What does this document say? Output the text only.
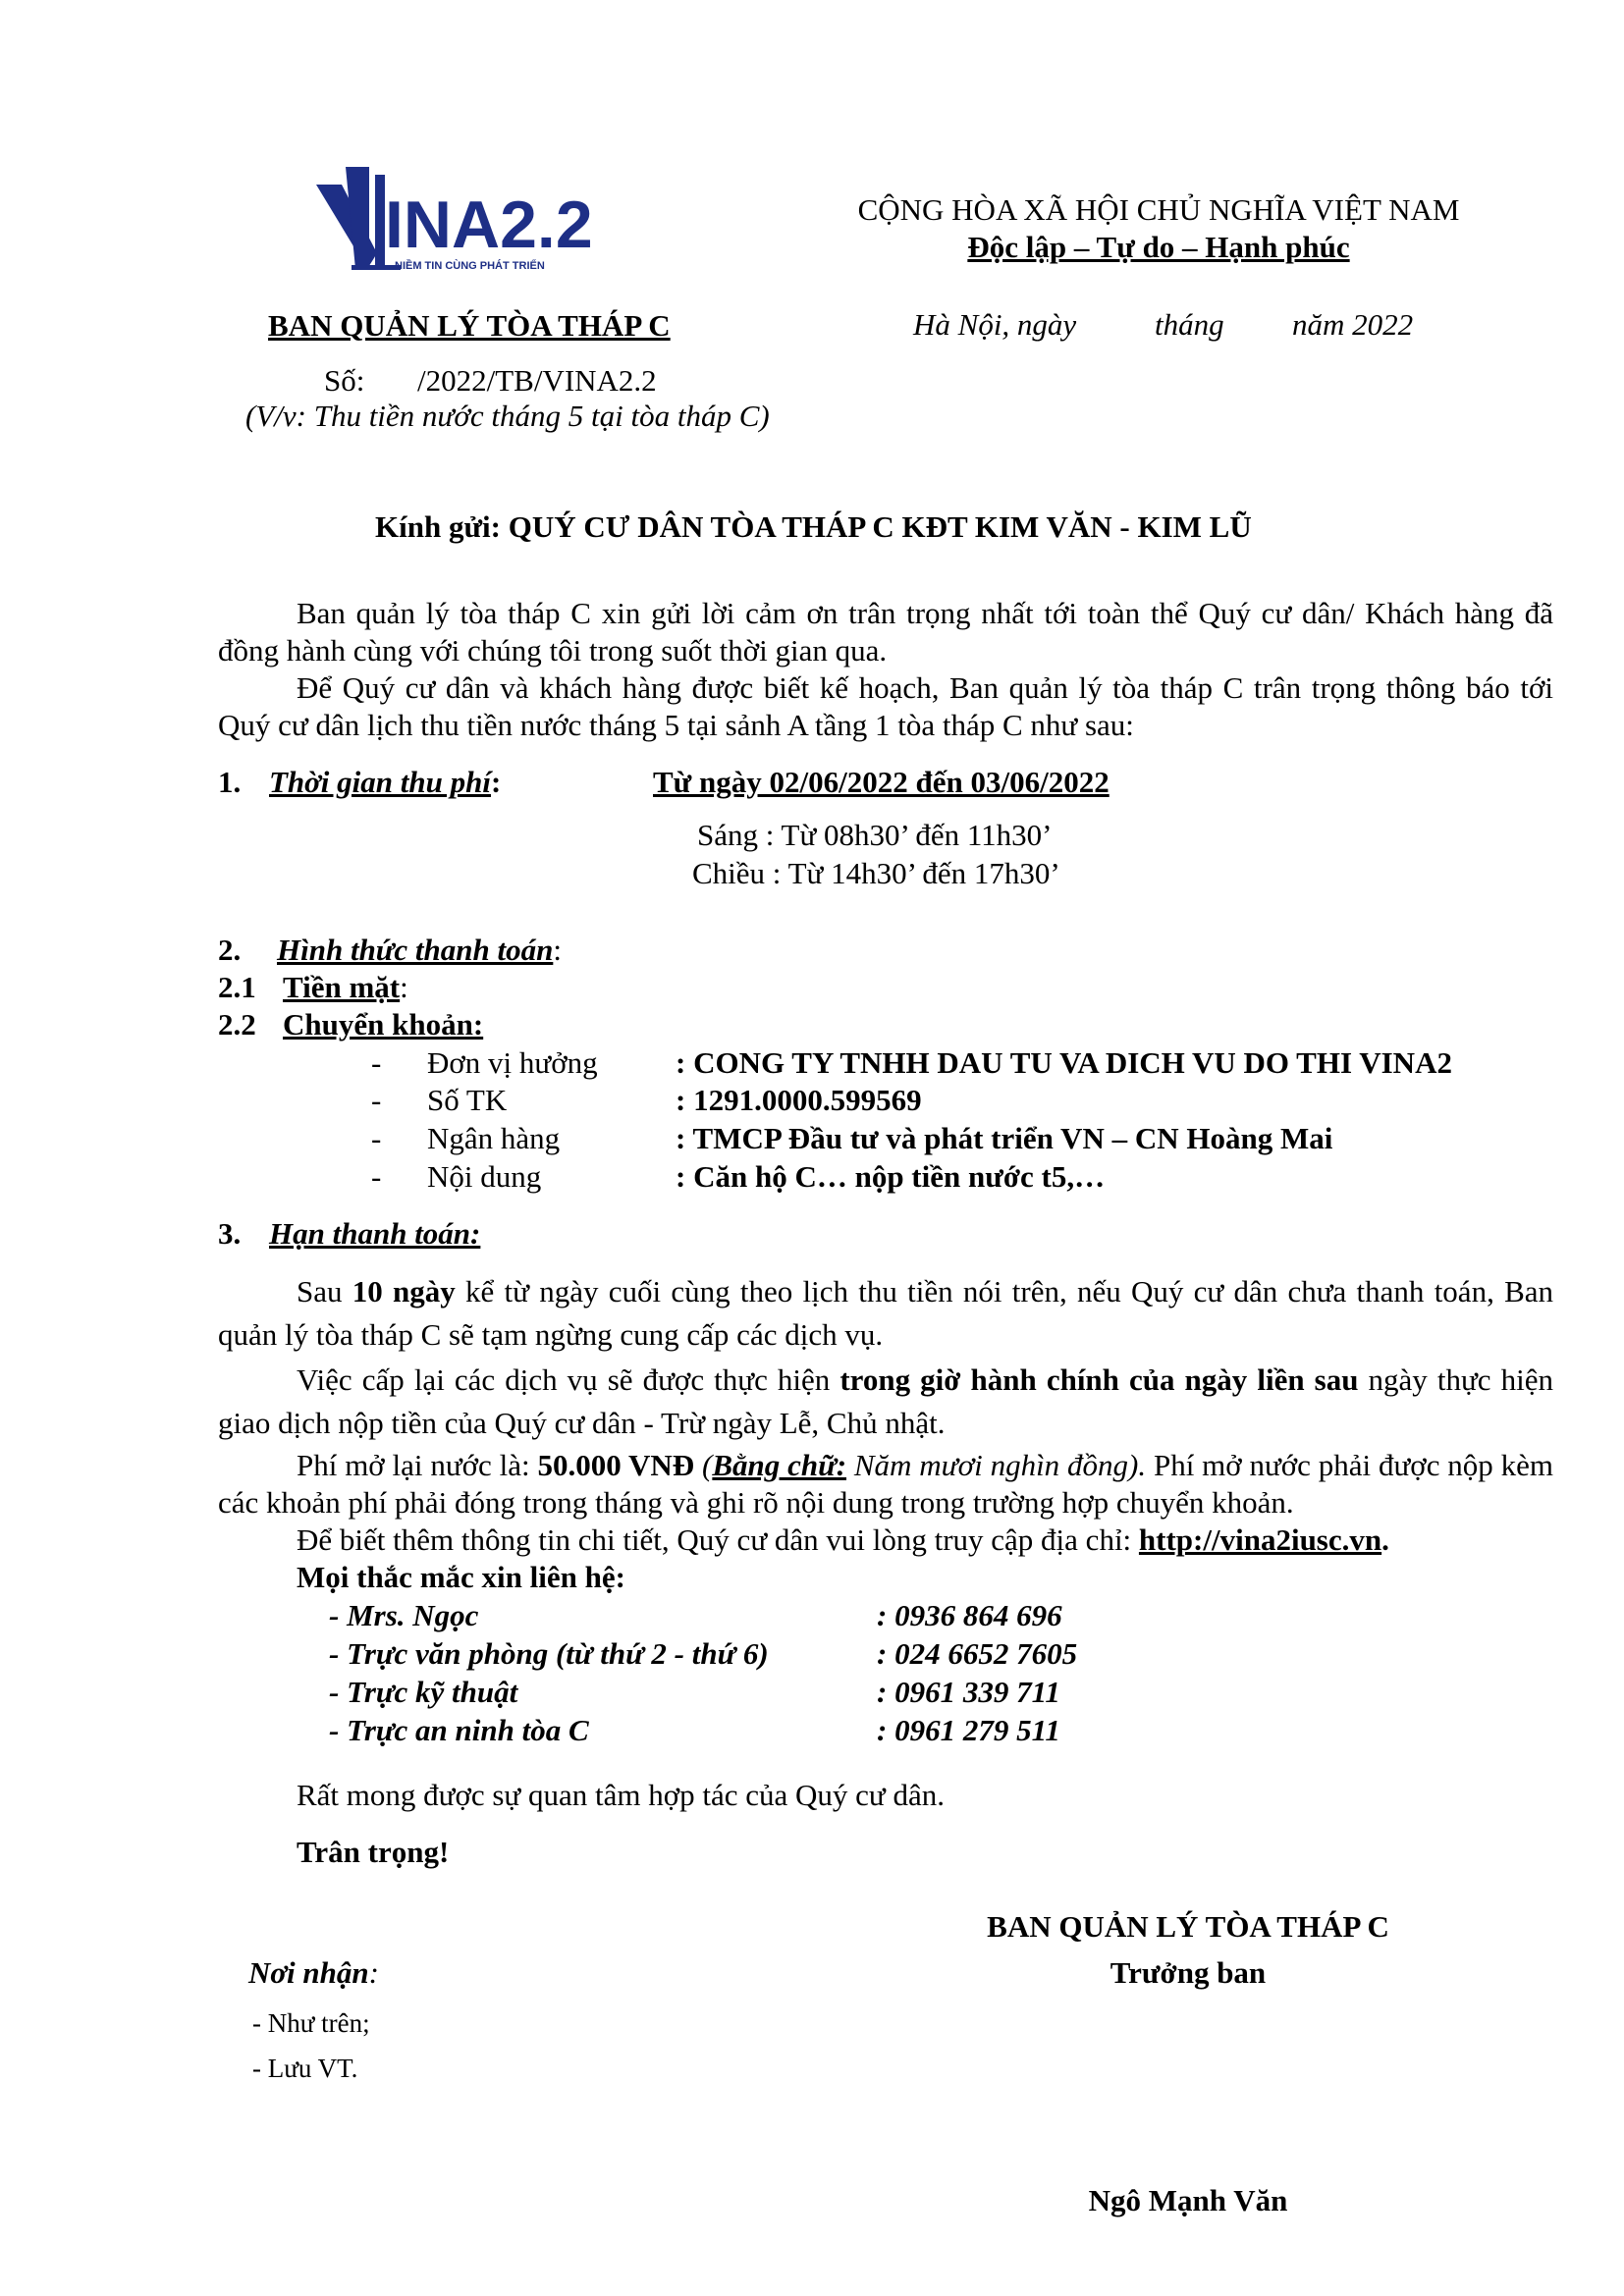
INA2.2
NIỀM TIN CÙNG PHÁT TRIỂN
CỘNG HÒA XÃ HỘI CHỦ NGHĨA VIỆT NAM
Độc lập – Tự do – Hạnh phúc
BAN QUẢN LÝ TÒA THÁP C	Hà Nội, ngày	tháng năm 2022
Số: /2022/TB/VINA2.2
(V/v: Thu tiền nước tháng 5 tại tòa tháp C)
Kính gửi: QUÝ CƯ DÂN TÒA THÁP C KĐT KIM VĂN - KIM LŨ
Ban quản lý tòa tháp C xin gửi lời cảm ơn trân trọng nhất tới toàn thể Quý cư dân/ Khách hàng đã đồng hành cùng với chúng tôi trong suốt thời gian qua.
Để Quý cư dân và khách hàng được biết kế hoạch, Ban quản lý tòa tháp C trân trọng thông báo tới Quý cư dân lịch thu tiền nước tháng 5 tại sảnh A tầng 1 tòa tháp C như sau:
1. Thời gian thu phí:	Từ ngày 02/06/2022 đến 03/06/2022
Sáng : Từ 08h30’ đến 11h30’
Chiều : Từ 14h30’ đến 17h30’
2. Hình thức thanh toán:
2.1 Tiền mặt:
2.2 Chuyển khoản:
- Đơn vị hưởng	: CONG TY TNHH DAU TU VA DICH VU DO THI VINA2
- Số TK	: 1291.0000.599569
- Ngân hàng	: TMCP Đầu tư và phát triển VN – CN Hoàng Mai
- Nội dung	: Căn hộ C… nộp tiền nước t5,…
3. Hạn thanh toán:
Sau 10 ngày kể từ ngày cuối cùng theo lịch thu tiền nói trên, nếu Quý cư dân chưa thanh toán, Ban quản lý tòa tháp C sẽ tạm ngừng cung cấp các dịch vụ.
Việc cấp lại các dịch vụ sẽ được thực hiện trong giờ hành chính của ngày liền sau ngày thực hiện giao dịch nộp tiền của Quý cư dân - Trừ ngày Lễ, Chủ nhật.
Phí mở lại nước là: 50.000 VNĐ (Bằng chữ: Năm mươi nghìn đồng). Phí mở nước phải được nộp kèm các khoản phí phải đóng trong tháng và ghi rõ nội dung trong trường hợp chuyển khoản.
Để biết thêm thông tin chi tiết, Quý cư dân vui lòng truy cập địa chỉ: http://vina2iusc.vn.
Mọi thắc mắc xin liên hệ:
- Mrs. Ngọc	: 0936 864 696
- Trực văn phòng (từ thứ 2 - thứ 6)	: 024 6652 7605
- Trực kỹ thuật	: 0961 339 711
- Trực an ninh tòa C	: 0961 279 511
Rất mong được sự quan tâm hợp tác của Quý cư dân.
Trân trọng!
BAN QUẢN LÝ TÒA THÁP C
Trưởng ban
Ngô Mạnh Văn
Nơi nhận:
- Như trên;
- Lưu VT.
